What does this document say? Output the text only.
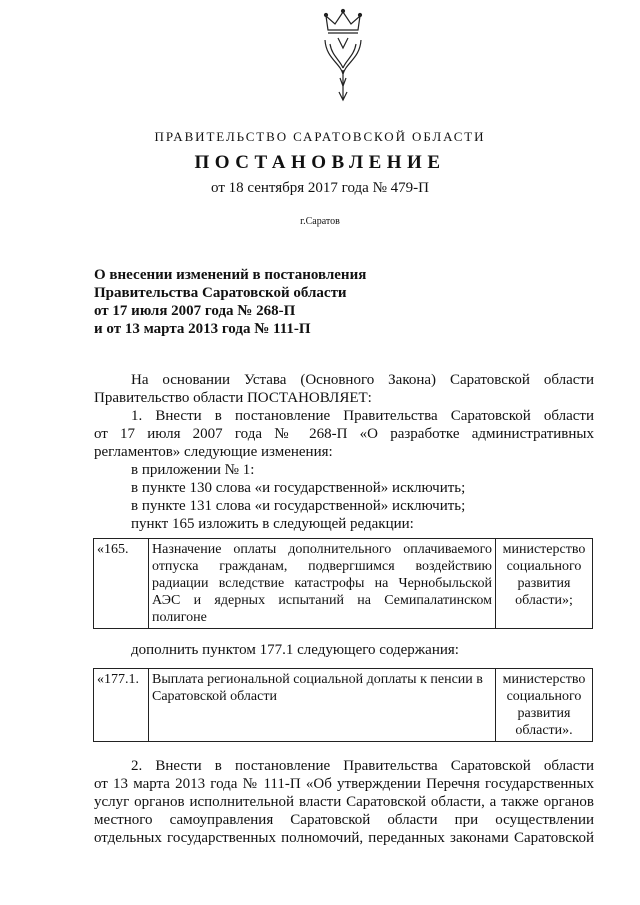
ПРАВИТЕЛЬСТВО САРАТОВСКОЙ ОБЛАСТИ
ПОСТАНОВЛЕНИЕ
от 18 сентября 2017 года № 479-П
г.Саратов
О внесении изменений в постановления
Правительства Саратовской области
от 17 июля 2007 года № 268-П
и от 13 марта 2013 года № 111-П
На основании Устава (Основного Закона) Саратовской области
Правительство области ПОСТАНОВЛЯЕТ:
1. Внести в постановление Правительства Саратовской области
от 17 июля 2007 года № 268-П «О разработке административных
регламентов» следующие изменения:
в приложении № 1:
в пункте 130 слова «и государственной» исключить;
в пункте 131 слова «и государственной» исключить;
пункт 165 изложить в следующей редакции:
«165.	Назначение оплаты дополнительного оплачиваемого отпуска гражданам, подвергшимся воздействию радиации вследствие катастрофы на Чернобыльской АЭС и ядерных испытаний на Семипалатинском полигоне	министерство социального развития области»;
дополнить пунктом 177.1 следующего содержания:
«177.1.	Выплата региональной социальной доплаты к пенсии в Саратовской области	министерство социального развития области».
2. Внести в постановление Правительства Саратовской области
от 13 марта 2013 года № 111-П «Об утверждении Перечня государственных
услуг органов исполнительной власти Саратовской области, а также органов
местного самоуправления Саратовской области при осуществлении
отдельных государственных полномочий, переданных законами Саратовской
